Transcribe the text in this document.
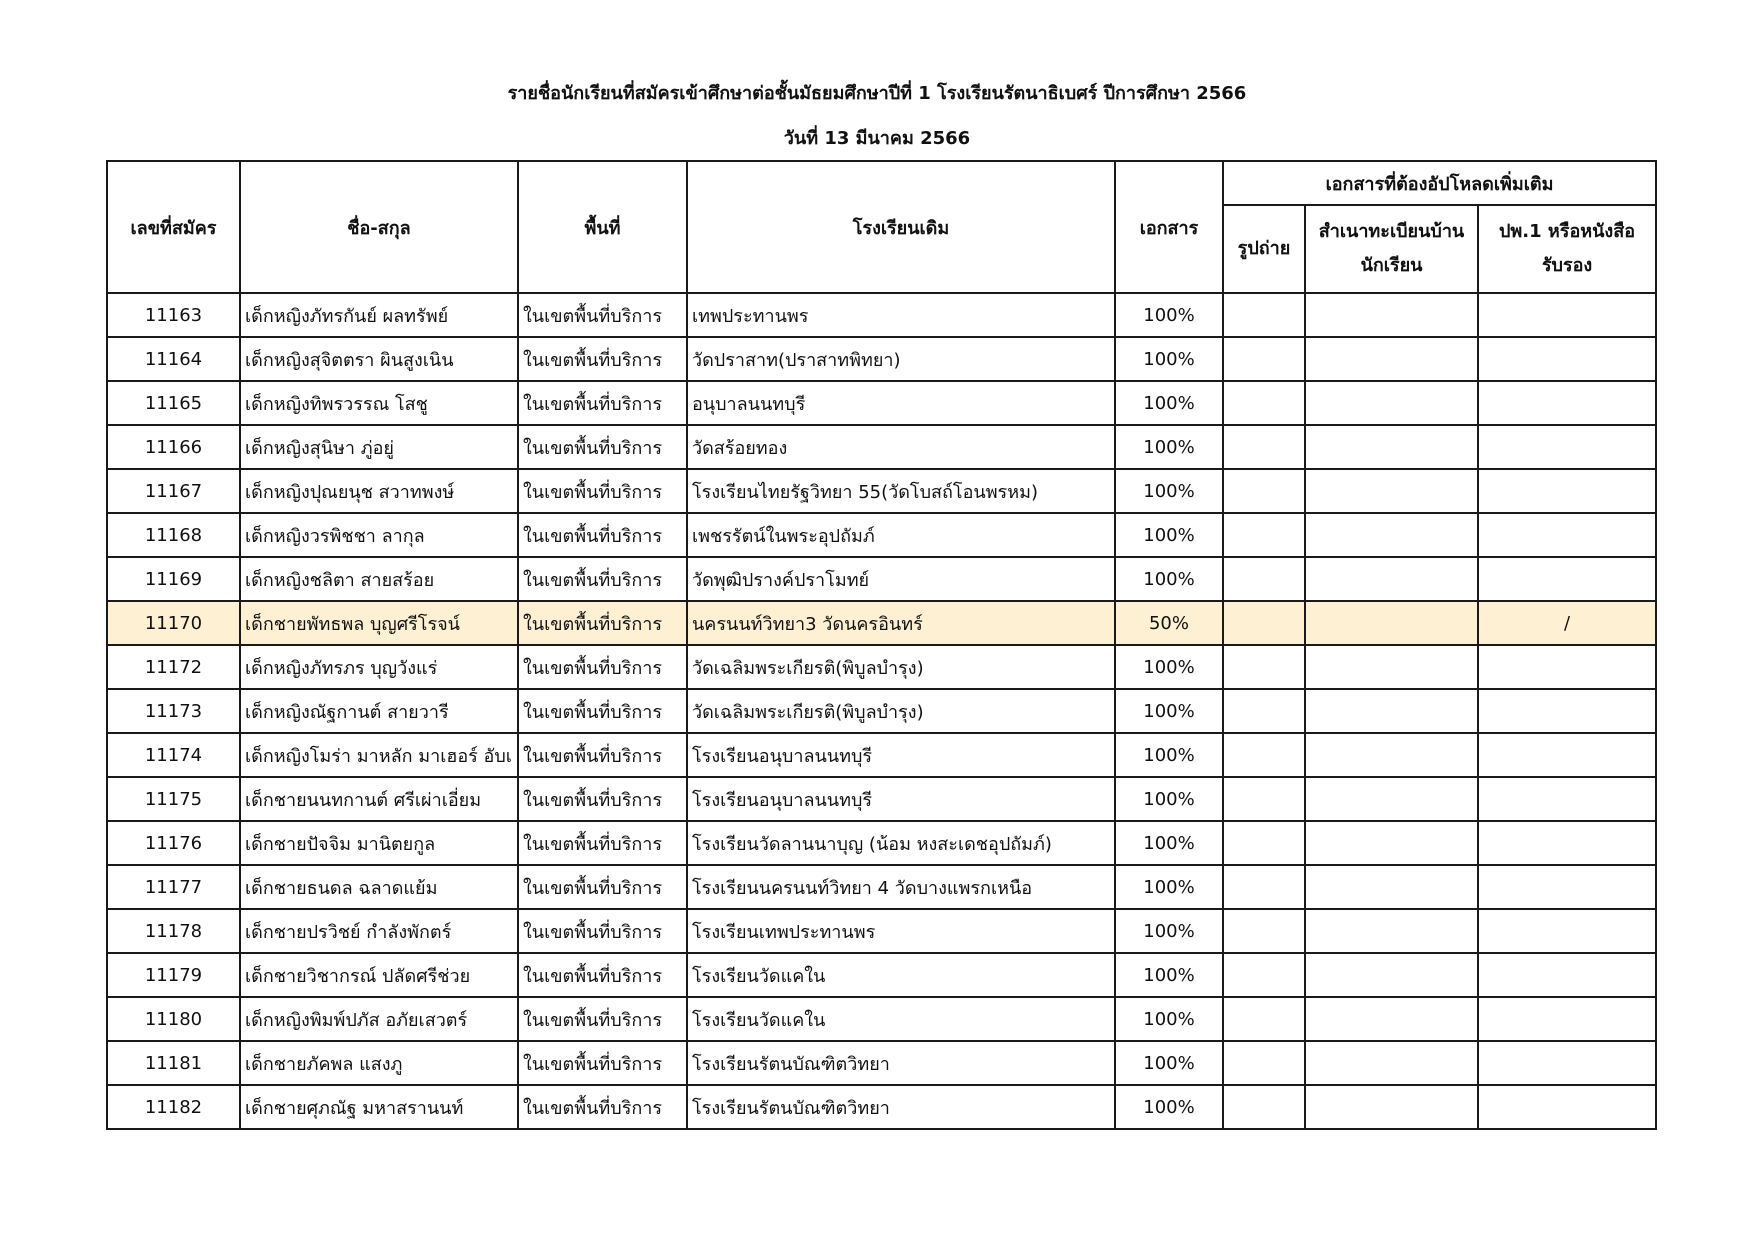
รายชื่อนักเรียนที่สมัครเข้าศึกษาต่อชั้นมัธยมศึกษาปีที่ 1 โรงเรียนรัตนาธิเบศร์ ปีการศึกษา 2566
วันที่ 13 มีนาคม 2566
เลขที่สมัคร	ชื่อ-สกุล	พื้นที่	โรงเรียนเดิม	เอกสาร	เอกสารที่ต้องอัปโหลดเพิ่มเติม		

					รูปถ่าย	สำเนาทะเบียนบ้าน นักเรียน	ปพ.1 หรือหนังสือ รับรอง

11163	เด็กหญิงภัทรกันย์ ผลทรัพย์	ในเขตพื้นที่บริการ	เทพประทานพร	100%			
11164	เด็กหญิงสุจิตตรา ผินสูงเนิน	ในเขตพื้นที่บริการ	วัดปราสาท(ปราสาทพิทยา)	100%			
11165	เด็กหญิงทิพรวรรณ โสชู	ในเขตพื้นที่บริการ	อนุบาลนนทบุรี	100%			
11166	เด็กหญิงสุนิษา ภู่อยู่	ในเขตพื้นที่บริการ	วัดสร้อยทอง	100%			
11167	เด็กหญิงปุณยนุช สวาทพงษ์	ในเขตพื้นที่บริการ	โรงเรียนไทยรัฐวิทยา 55(วัดโบสถ์โอนพรหม)	100%			
11168	เด็กหญิงวรพิชชา ลากุล	ในเขตพื้นที่บริการ	เพชรรัตน์ในพระอุปถัมภ์	100%			
11169	เด็กหญิงชลิตา สายสร้อย	ในเขตพื้นที่บริการ	วัดพุฒิปรางค์ปราโมทย์	100%			
11170	เด็กชายพัทธพล บุญศรีโรจน์	ในเขตพื้นที่บริการ	นครนนท์วิทยา3 วัดนครอินทร์	50%			/
11172	เด็กหญิงภัทรภร บุญวังแร่	ในเขตพื้นที่บริการ	วัดเฉลิมพระเกียรติ(พิบูลบำรุง)	100%			
11173	เด็กหญิงณัฐกานต์ สายวารี	ในเขตพื้นที่บริการ	วัดเฉลิมพระเกียรติ(พิบูลบำรุง)	100%			
11174	เด็กหญิงโมร่า มาหลัก มาเฮอร์ อับเ	ในเขตพื้นที่บริการ	โรงเรียนอนุบาลนนทบุรี	100%			
11175	เด็กชายนนทกานต์ ศรีเผ่าเอี่ยม	ในเขตพื้นที่บริการ	โรงเรียนอนุบาลนนทบุรี	100%			
11176	เด็กชายปัจจิม มานิตยกูล	ในเขตพื้นที่บริการ	โรงเรียนวัดลานนาบุญ (น้อม หงสะเดชอุปถัมภ์)	100%			
11177	เด็กชายธนดล ฉลาดแย้ม	ในเขตพื้นที่บริการ	โรงเรียนนครนนท์วิทยา 4 วัดบางแพรกเหนือ	100%			
11178	เด็กชายปรวิชย์ กำลังพักตร์	ในเขตพื้นที่บริการ	โรงเรียนเทพประทานพร	100%			
11179	เด็กชายวิชากรณ์ ปลัดศรีช่วย	ในเขตพื้นที่บริการ	โรงเรียนวัดแคใน	100%			
11180	เด็กหญิงพิมพ์ปภัส อภัยเสวตร์	ในเขตพื้นที่บริการ	โรงเรียนวัดแคใน	100%			
11181	เด็กชายภัคพล แสงภู	ในเขตพื้นที่บริการ	โรงเรียนรัตนบัณฑิตวิทยา	100%			
11182	เด็กชายศุภณัฐ มหาสรานนท์	ในเขตพื้นที่บริการ	โรงเรียนรัตนบัณฑิตวิทยา	100%			
